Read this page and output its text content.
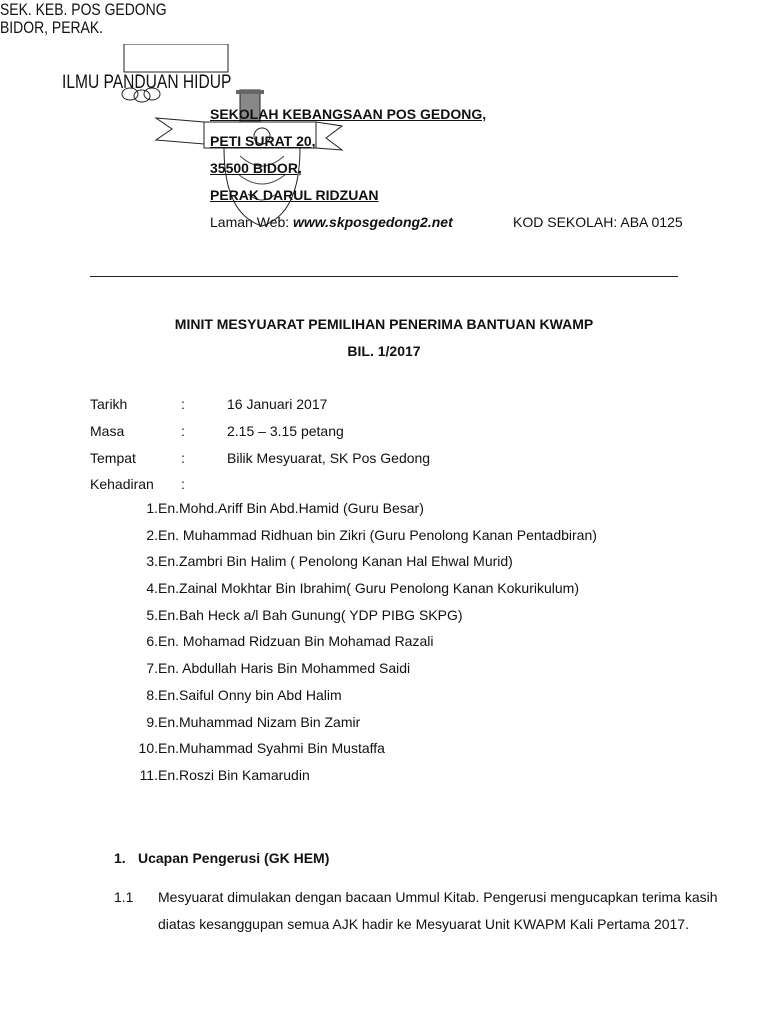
SEK. KEB. POS GEDONG
BIDOR, PERAK.
ILMU PANDUAN HIDUP
SEKOLAH KEBANGSAAN POS GEDONG,
PETI SURAT 20,
35500 BIDOR,
PERAK DARUL RIDZUAN
Laman Web: www.skposgedong2.net	KOD SEKOLAH: ABA 0125
MINIT MESYUARAT PEMILIHAN PENERIMA BANTUAN KWAMP
BIL. 1/2017
Tarikh	:	16 Januari 2017
Masa	:	2.15 – 3.15 petang
Tempat	:	Bilik Mesyuarat, SK Pos Gedong
Kehadiran :
1. En.Mohd.Ariff Bin Abd.Hamid (Guru Besar)
2. En. Muhammad Ridhuan bin Zikri (Guru Penolong Kanan Pentadbiran)
3. En.Zambri Bin Halim ( Penolong Kanan Hal Ehwal Murid)
4. En.Zainal Mokhtar Bin Ibrahim( Guru Penolong Kanan Kokurikulum)
5. En.Bah Heck a/l Bah Gunung( YDP PIBG SKPG)
6. En. Mohamad Ridzuan Bin Mohamad Razali
7. En. Abdullah Haris Bin Mohammed Saidi
8. En.Saiful Onny bin Abd Halim
9. En.Muhammad Nizam Bin Zamir
10. En.Muhammad Syahmi Bin Mustaffa
11. En.Roszi Bin Kamarudin
1. Ucapan Pengerusi (GK HEM)
1.1 Mesyuarat dimulakan dengan bacaan Ummul Kitab. Pengerusi mengucapkan terima kasih diatas kesanggupan semua AJK hadir ke Mesyuarat Unit KWAPM Kali Pertama 2017.
